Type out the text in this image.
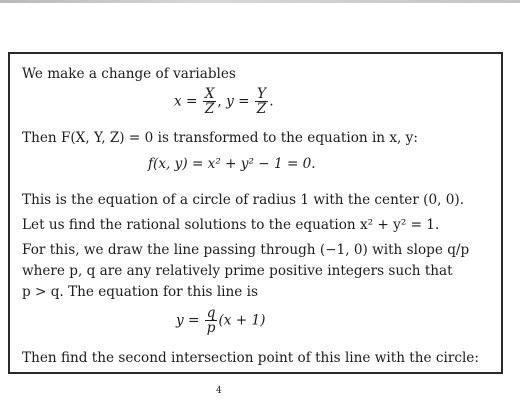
We make a change of variables
$x = \frac{X}{Z}$ , $y = \frac{Y}{Z}$ .
Then F(X, Y, Z) = 0 is transformed to the equation in x, y:
f(x, y) = x² + y² − 1 = 0.
This is the equation of a circle of radius 1 with the center (0, 0).
Let us find the rational solutions to the equation x² + y² = 1.
For this, we draw the line passing through (−1, 0) with slope q/p
where p, q are any relatively prime positive integers such that
p > q. The equation for this line is
$y = \frac{q}{p} (x + 1)$
Then find the second intersection point of this line with the circle:
4
